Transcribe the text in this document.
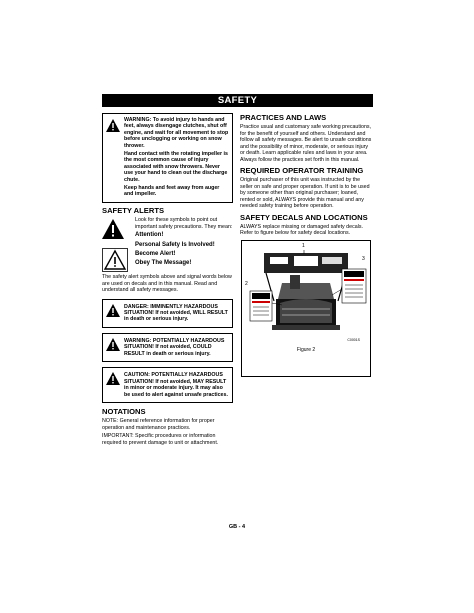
SAFETY

WARNING: To avoid injury to hands and feet, always disengage clutches, shut off engine, and wait for all movement to stop before unclogging or working on snow thrower.

Hand contact with the rotating impeller is the most common cause of injury associated with snow throwers. Never use your hand to clean out the discharge chute.

Keep hands and feet away from auger and impeller.

SAFETY ALERTS

Look for these symbols to point out important safety precautions. They mean:

Attention!
Personal Safety Is Involved!
Become Alert!
Obey The Message!

The safety alert symbols above and signal words below are used on decals and in this manual. Read and understand all safety messages.

DANGER: IMMINENTLY HAZARDOUS SITUATION! If not avoided, WILL RESULT in death or serious injury.
WARNING: POTENTIALLY HAZARDOUS SITUATION! If not avoided, COULD RESULT in death or serious injury.
CAUTION: POTENTIALLY HAZARDOUS SITUATION! If not avoided, MAY RESULT in minor or moderate injury. It may also be used to alert against unsafe practices.
NOTATIONS

NOTE: General reference information for proper operation and maintenance practices.

IMPORTANT: Specific procedures or information required to prevent damage to unit or attachment.

PRACTICES AND LAWS

Practice usual and customary safe working precautions, for the benefit of yourself and others. Understand and follow all safety messages. Be alert to unsafe conditions and the possibility of minor, moderate, or serious injury or death. Learn applicable rules and laws in your area. Always follow the practices set forth in this manual.

REQUIRED OPERATOR TRAINING

Original purchaser of this unit was instructed by the seller on safe and proper operation. If unit is to be used by someone other than original purchaser; loaned, rented or sold, ALWAYS provide this manual and any needed safety training before operation.

SAFETY DECALS AND LOCATIONS

ALWAYS replace missing or damaged safety decals. Refer to figure below for safety decal locations.

1
2
3
C0001S
Figure 2
GB - 4
